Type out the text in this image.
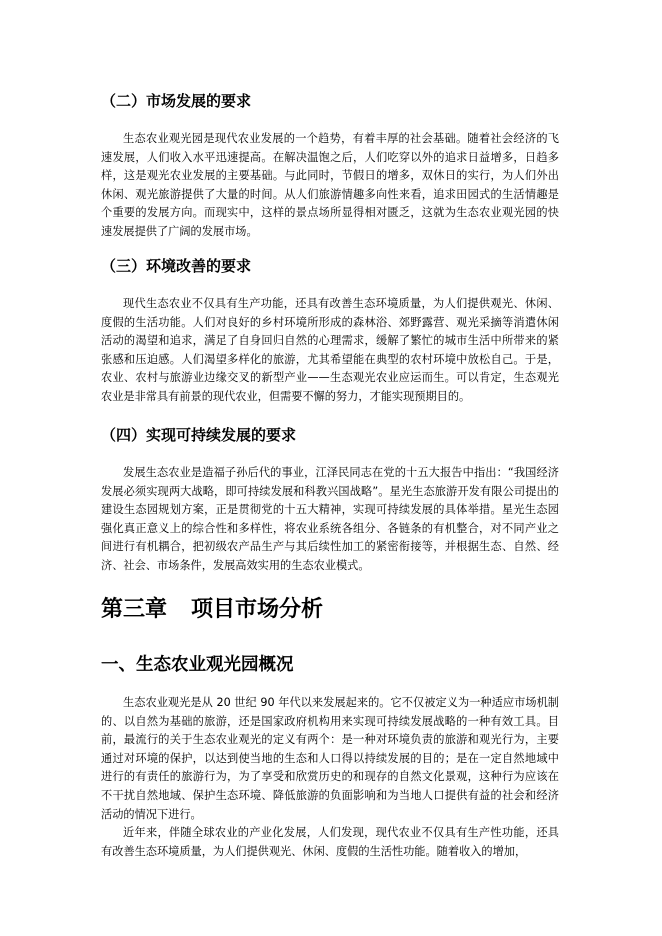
（二）市场发展的要求

生态农业观光园是现代农业发展的一个趋势，有着丰厚的社会基础。随着社会经济的飞速发展，人们收入水平迅速提高。在解决温饱之后，人们吃穿以外的追求日益增多，日趋多样，这是观光农业发展的主要基础。与此同时，节假日的增多，双休日的实行，为人们外出休闲、观光旅游提供了大量的时间。从人们旅游情趣多向性来看，追求田园式的生活情趣是个重要的发展方向。而现实中，这样的景点场所显得相对匮乏，这就为生态农业观光园的快速发展提供了广阔的发展市场。

（三）环境改善的要求

现代生态农业不仅具有生产功能，还具有改善生态环境质量，为人们提供观光、休闲、度假的生活功能。人们对良好的乡村环境所形成的森林浴、郊野露营、观光采摘等消遣休闲活动的渴望和追求，满足了自身回归自然的心理需求，缓解了繁忙的城市生活中所带来的紧张感和压迫感。人们渴望多样化的旅游，尤其希望能在典型的农村环境中放松自己。于是，农业、农村与旅游业边缘交叉的新型产业——生态观光农业应运而生。可以肯定，生态观光农业是非常具有前景的现代农业，但需要不懈的努力，才能实现预期目的。

（四）实现可持续发展的要求

发展生态农业是造福子孙后代的事业，江泽民同志在党的十五大报告中指出：“我国经济发展必须实现两大战略，即可持续发展和科教兴国战略”。星光生态旅游开发有限公司提出的建设生态园规划方案，正是贯彻党的十五大精神，实现可持续发展的具体举措。星光生态园强化真正意义上的综合性和多样性，将农业系统各组分、各链条的有机整合，对不同产业之间进行有机耦合，把初级农产品生产与其后续性加工的紧密衔接等，并根据生态、自然、经济、社会、市场条件，发展高效实用的生态农业模式。

第三章 项目市场分析
一、生态农业观光园概况

生态农业观光是从 20 世纪 90 年代以来发展起来的。它不仅被定义为一种适应市场机制的、以自然为基础的旅游，还是国家政府机构用来实现可持续发展战略的一种有效工具。目前，最流行的关于生态农业观光的定义有两个：是一种对环境负责的旅游和观光行为，主要通过对环境的保护，以达到使当地的生态和人口得以持续发展的目的；是在一定自然地域中进行的有责任的旅游行为，为了享受和欣赏历史的和现存的自然文化景观，这种行为应该在不干扰自然地域、保护生态环境、降低旅游的负面影响和为当地人口提供有益的社会和经济活动的情况下进行。

近年来，伴随全球农业的产业化发展，人们发现，现代农业不仅具有生产性功能，还具有改善生态环境质量，为人们提供观光、休闲、度假的生活性功能。随着收入的增加，
